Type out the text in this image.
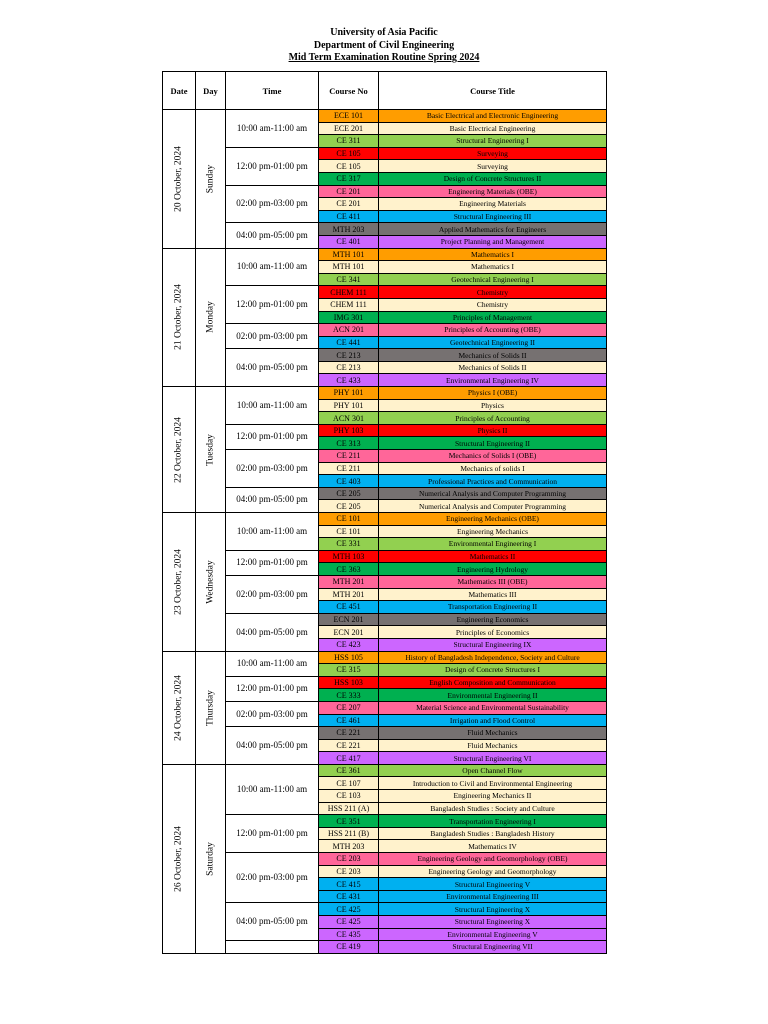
University of Asia Pacific
Department of Civil Engineering
Mid Term Examination Routine Spring 2024
Date	Day	Time	Course No	Course Title

20 October, 2024	Sunday	10:00 am-11:00 am	ECE 101	Basic Electrical and Electronic Engineering
			ECE 201	Basic Electrical Engineering
			CE 311	Structural Engineering I
		12:00 pm-01:00 pm	CE 105	Surveying
			CE 105	Surveying
			CE 317	Design of Concrete Structures II
		02:00 pm-03:00 pm	CE 201	Engineering Materials (OBE)
			CE 201	Engineering Materials
			CE 411	Structural Engineering III
		04:00 pm-05:00 pm	MTH 203	Applied Mathematics for Engineers
			CE 401	Project Planning and Management

21 October, 2024	Monday	10:00 am-11:00 am	MTH 101	Mathematics I
			MTH 101	Mathematics I
			CE 341	Geotechnical Engineering I
		12:00 pm-01:00 pm	CHEM 111	Chemistry
			CHEM 111	Chemistry
			IMG 301	Principles of Management
		02:00 pm-03:00 pm	ACN 201	Principles of Accounting (OBE)
			CE 441	Geotechnical Engineering II
		04:00 pm-05:00 pm	CE 213	Mechanics of Solids II
			CE 213	Mechanics of Solids II
			CE 433	Environmental Engineering IV

22 October, 2024	Tuesday	10:00 am-11:00 am	PHY 101	Physics I (OBE)
			PHY 101	Physics
			ACN 301	Principles of Accounting
		12:00 pm-01:00 pm	PHY 103	Physics II
			CE 313	Structural Engineering II
		02:00 pm-03:00 pm	CE 211	Mechanics of Solids I (OBE)
			CE 211	Mechanics of solids I
			CE 403	Professional Practices and Communication
		04:00 pm-05:00 pm	CE 205	Numerical Analysis and Computer Programming
			CE 205	Numerical Analysis and Computer Programming

23 October, 2024	Wednesday	10:00 am-11:00 am	CE 101	Engineering Mechanics (OBE)
			CE 101	Engineering Mechanics
			CE 331	Environmental Engineering I
		12:00 pm-01:00 pm	MTH 103	Mathematics II
			CE 363	Engineering Hydrology
		02:00 pm-03:00 pm	MTH 201	Mathematics III (OBE)
			MTH 201	Mathematics III
			CE 451	Transportation Engineering II
		04:00 pm-05:00 pm	ECN 201	Engineering Economics
			ECN 201	Principles of Economics
			CE 423	Structural Engineering IX

24 October, 2024	Thursday	10:00 am-11:00 am	HSS 105	History of Bangladesh Independence, Society and Culture
			CE 315	Design of Concrete Structures I
		12:00 pm-01:00 pm	HSS 103	English Composition and Communication
			CE 333	Environmental Engineering II
		02:00 pm-03:00 pm	CE 207	Material Science and Environmental Sustainability
			CE 461	Irrigation and Flood Control
		04:00 pm-05:00 pm	CE 221	Fluid Mechanics
			CE 221	Fluid Mechanics
			CE 417	Structural Engineering VI

26 October, 2024	Saturday	10:00 am-11:00 am	CE 361	Open Channel Flow
			CE 107	Introduction to Civil and Environmental Engineering
			CE 103	Engineering Mechanics II
			HSS 211 (A)	Bangladesh Studies : Society and Culture
		12:00 pm-01:00 pm	CE 351	Transportation Engineering I
			HSS 211 (B)	Bangladesh Studies : Bangladesh History
			MTH 203	Mathematics IV
		02:00 pm-03:00 pm	CE 203	Engineering Geology and Geomorphology (OBE)
			CE 203	Engineering Geology and Geomorphology
			CE 415	Structural Engineering V
			CE 431	Environmental Engineering III
		04:00 pm-05:00 pm	CE 425	Structural Engineering X
			CE 425	Structural Engineering X
			CE 435	Environmental Engineering V
			CE 419	Structural Engineering VII
